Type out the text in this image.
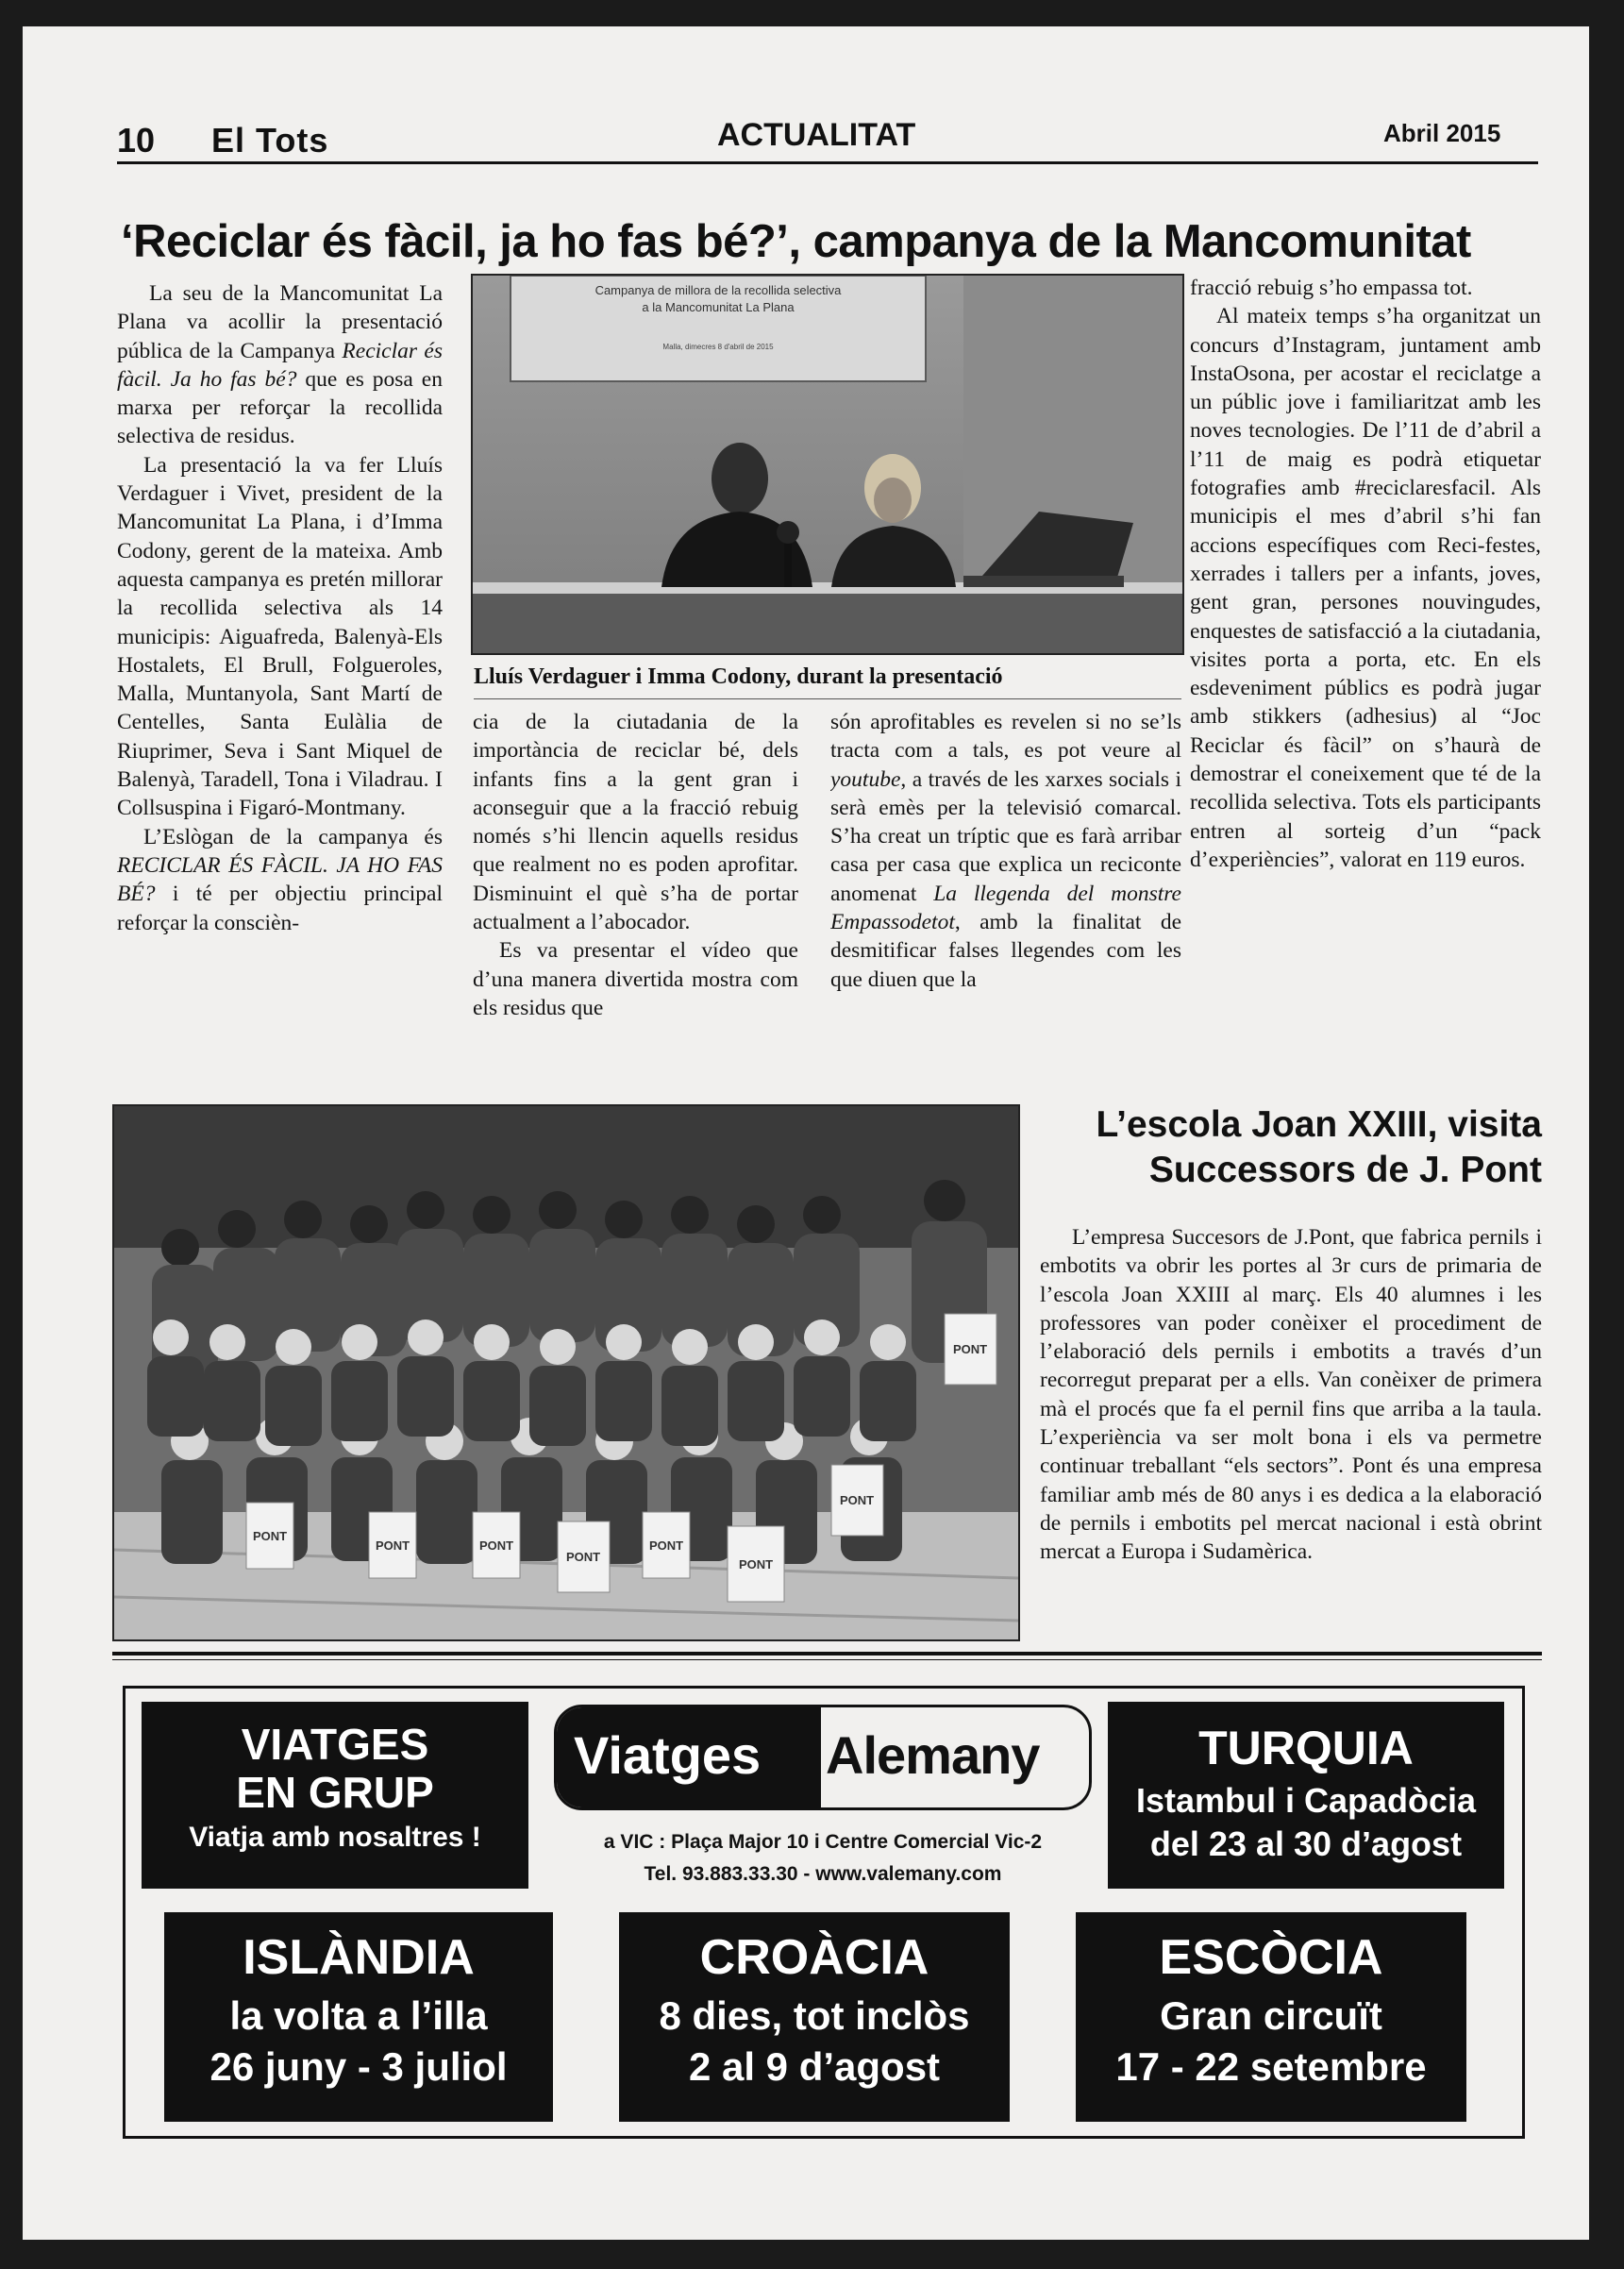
10 El Tots	ACTUALITAT	Abril 2015
‘Reciclar és fàcil, ja ho fas bé?’, campanya de la Mancomunitat

La seu de la Mancomunitat La Plana va acollir la presentació pública de la Campanya Reciclar és fàcil. Ja ho fas bé? que es posa en marxa per reforçar la recollida selectiva de residus.

La presentació la va fer Lluís Verdaguer i Vivet, president de la Mancomunitat La Plana, i d’Imma Codony, gerent de la mateixa. Amb aquesta campanya es pretén millorar la recollida selectiva als 14 municipis: Aiguafreda, Balenyà-Els Hostalets, El Brull, Folgueroles, Malla, Muntanyola, Sant Martí de Centelles, Santa Eulàlia de Riuprimer, Seva i Sant Miquel de Balenyà, Taradell, Tona i Viladrau. I Collsuspina i Figaró-Montmany.

L’Eslògan de la campanya és RECICLAR ÉS FÀCIL. JA HO FAS BÉ? i té per objectiu principal reforçar la conscièn-

Campanya de millora de la recollida selectiva
a la Mancomunitat La Plana
Malla, dimecres 8 d'abril de 2015
Lluís Verdaguer i Imma Codony, durant la presentació

cia de la ciutadania de la importància de reciclar bé, dels infants fins a la gent gran i aconseguir que a la fracció rebuig només s’hi llencin aquells residus que realment no es poden aprofitar. Disminuint el què s’ha de portar actualment a l’abocador.

Es va presentar el vídeo que d’una manera divertida mostra com els residus que

són aprofitables es revelen si no se’ls tracta com a tals, es pot veure al youtube, a través de les xarxes socials i serà emès per la televisió comarcal. S’ha creat un tríptic que es farà arribar casa per casa que explica un reciconte anomenat La llegenda del monstre Empassodetot, amb la finalitat de desmitificar falses llegendes com les que diuen que la

fracció rebuig s’ho empassa tot.

Al mateix temps s’ha organitzat un concurs d’Instagram, juntament amb InstaOsona, per acostar el reciclatge a un públic jove i familiaritzat amb les noves tecnologies. De l’11 de d’abril a l’11 de maig es podrà etiquetar fotografies amb #reciclaresfacil. Als municipis el mes d’abril s’hi fan accions específiques com Reci-festes, xerrades i tallers per a infants, joves, gent gran, persones nouvingudes, enquestes de satisfacció a la ciutadania, visites porta a porta, etc. En els esdeveniment públics es podrà jugar amb stikkers (adhesius) al “Joc Reciclar és fàcil” on s’haurà de demostrar el coneixement que té de la recollida selectiva. Tots els participants entren al sorteig d’un “pack d’experiències”, valorat en 119 euros.

PONT
PONT	PONT
PONT
PONT
PONT
PONT
PONT
L’escola Joan XXIII, visita
Successors de J. Pont

L’empresa Succesors de J.Pont, que fabrica pernils i embotits va obrir les portes al 3r curs de primaria de l’escola Joan XXIII al març. Els 40 alumnes i les professores van poder conèixer el procediment de l’elaboració dels pernils i embotits a través d’un recorregut preparat per a ells. Van conèixer de primera mà el procés que fa el pernil fins que arriba a la taula. L’experiència va ser molt bona i els va permetre continuar treballant “els sectors”. Pont és una empresa familiar amb més de 80 anys i es dedica a la elaboració de pernils i embotits pel mercat nacional i està obrint mercat a Europa i Sudamèrica.

VIATGES
EN GRUP
Viatja amb nosaltres !
Viatges Alemany
a VIC : Plaça Major 10 i Centre Comercial Vic-2
Tel. 93.883.33.30 - www.valemany.com
TURQUIA
Istambul i Capadòcia
del 23 al 30 d’agost
ISLÀNDIA
la volta a l’illa
26 juny - 3 juliol
CROÀCIA
8 dies, tot inclòs
2 al 9 d’agost
ESCÒCIA
Gran circuït
17 - 22 setembre
